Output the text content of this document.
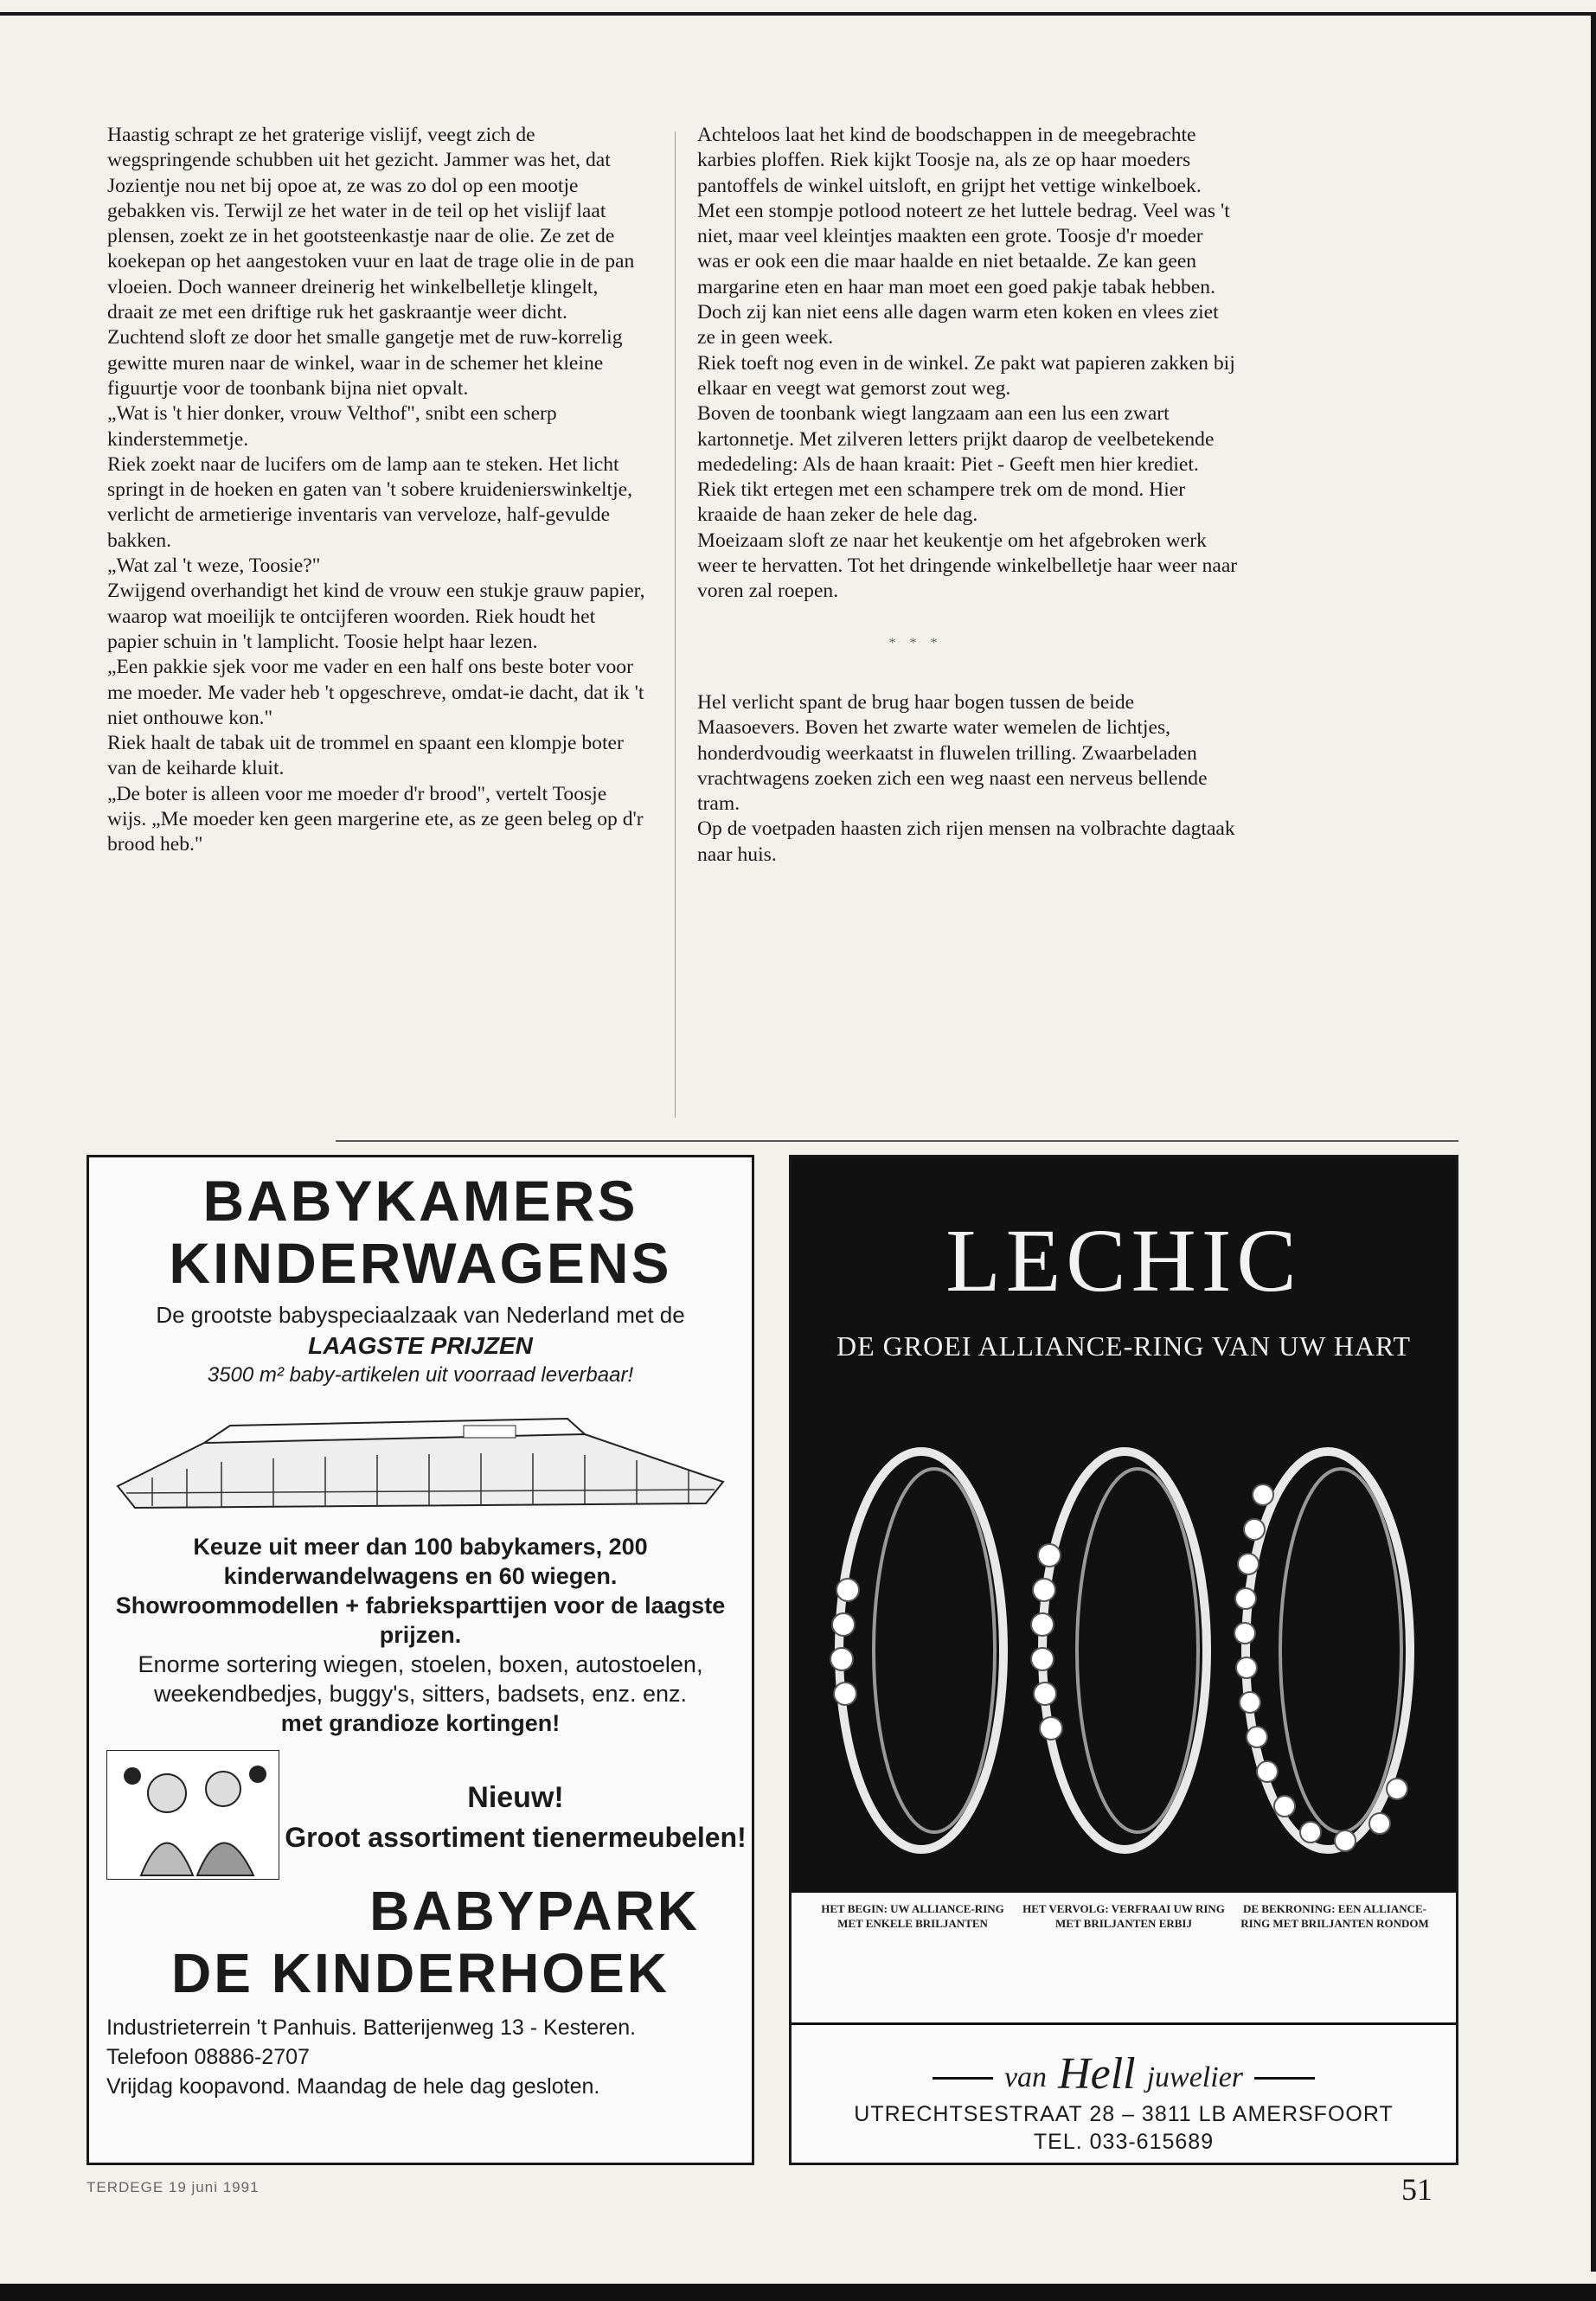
Haastig schrapt ze het graterige vislijf, veegt zich de wegspringende schubben uit het gezicht. Jammer was het, dat Jozientje nou net bij opoe at, ze was zo dol op een mootje gebakken vis. Terwijl ze het water in de teil op het vislijf laat plensen, zoekt ze in het gootsteenkastje naar de olie. Ze zet de koekepan op het aangestoken vuur en laat de trage olie in de pan vloeien. Doch wanneer dreinerig het winkelbelletje klingelt, draait ze met een driftige ruk het gaskraantje weer dicht. Zuchtend sloft ze door het smalle gangetje met de ruw-korrelig gewitte muren naar de winkel, waar in de schemer het kleine figuurtje voor de toonbank bijna niet opvalt.

„Wat is 't hier donker, vrouw Velthof", snibt een scherp kinderstemmetje.

Riek zoekt naar de lucifers om de lamp aan te steken. Het licht springt in de hoeken en gaten van 't sobere kruidenierswinkeltje, verlicht de armetierige inventaris van verveloze, half-gevulde bakken.

„Wat zal 't weze, Toosie?"

Zwijgend overhandigt het kind de vrouw een stukje grauw papier, waarop wat moeilijk te ontcijferen woorden. Riek houdt het papier schuin in 't lamplicht. Toosie helpt haar lezen.

„Een pakkie sjek voor me vader en een half ons beste boter voor me moeder. Me vader heb 't opgeschreve, omdat-ie dacht, dat ik 't niet onthouwe kon."

Riek haalt de tabak uit de trommel en spaant een klompje boter van de keiharde kluit.

„De boter is alleen voor me moeder d'r brood", vertelt Toosje wijs. „Me moeder ken geen margerine ete, as ze geen beleg op d'r brood heb."

Achteloos laat het kind de boodschappen in de meegebrachte karbies ploffen. Riek kijkt Toosje na, als ze op haar moeders pantoffels de winkel uitsloft, en grijpt het vettige winkelboek. Met een stompje potlood noteert ze het luttele bedrag. Veel was 't niet, maar veel kleintjes maakten een grote. Toosje d'r moeder was er ook een die maar haalde en niet betaalde. Ze kan geen margarine eten en haar man moet een goed pakje tabak hebben. Doch zij kan niet eens alle dagen warm eten koken en vlees ziet ze in geen week.

Riek toeft nog even in de winkel. Ze pakt wat papieren zakken bij elkaar en veegt wat gemorst zout weg.

Boven de toonbank wiegt langzaam aan een lus een zwart kartonnetje. Met zilveren letters prijkt daarop de veelbetekende mededeling: Als de haan kraait: Piet - Geeft men hier krediet.

Riek tikt ertegen met een schampere trek om de mond. Hier kraaide de haan zeker de hele dag.

Moeizaam sloft ze naar het keukentje om het afgebroken werk weer te hervatten. Tot het dringende winkelbelletje haar weer naar voren zal roepen.

* * *

Hel verlicht spant de brug haar bogen tussen de beide Maasoevers. Boven het zwarte water wemelen de lichtjes, honderdvoudig weerkaatst in fluwelen trilling. Zwaarbeladen vrachtwagens zoeken zich een weg naast een nerveus bellende tram.

Op de voetpaden haasten zich rijen mensen na volbrachte dagtaak naar huis.

BABYKAMERS
KINDERWAGENS
De grootste babyspeciaalzaak van Nederland met de
LAAGSTE PRIJZEN
3500 m² baby-artikelen uit voorraad leverbaar!
Keuze uit meer dan 100 babykamers, 200 kinderwandelwagens en 60 wiegen. Showroommodellen + fabrieksparttijen voor de laagste prijzen.
Enorme sortering wiegen, stoelen, boxen, autostoelen, weekendbedjes, buggy's, sitters, badsets, enz. enz.
met grandioze kortingen!
Nieuw!
Groot assortiment tienermeubelen!
BABYPARK
DE KINDERHOEK
Industrieterrein 't Panhuis. Batterijenweg 13 - Kesteren.
Telefoon 08886-2707
Vrijdag koopavond. Maandag de hele dag gesloten.
LECHIC
DE GROEI ALLIANCE-RING VAN UW HART
HET BEGIN: UW ALLIANCE-RING MET ENKELE BRILJANTEN
HET VERVOLG: VERFRAAI UW RING MET BRILJANTEN ERBIJ
DE BEKRONING: EEN ALLIANCE-RING MET BRILJANTEN RONDOM
van Hell juwelier
UTRECHTSESTRAAT 28 – 3811 LB AMERSFOORT
TEL. 033-615689
TERDEGE 19 juni 1991	51
